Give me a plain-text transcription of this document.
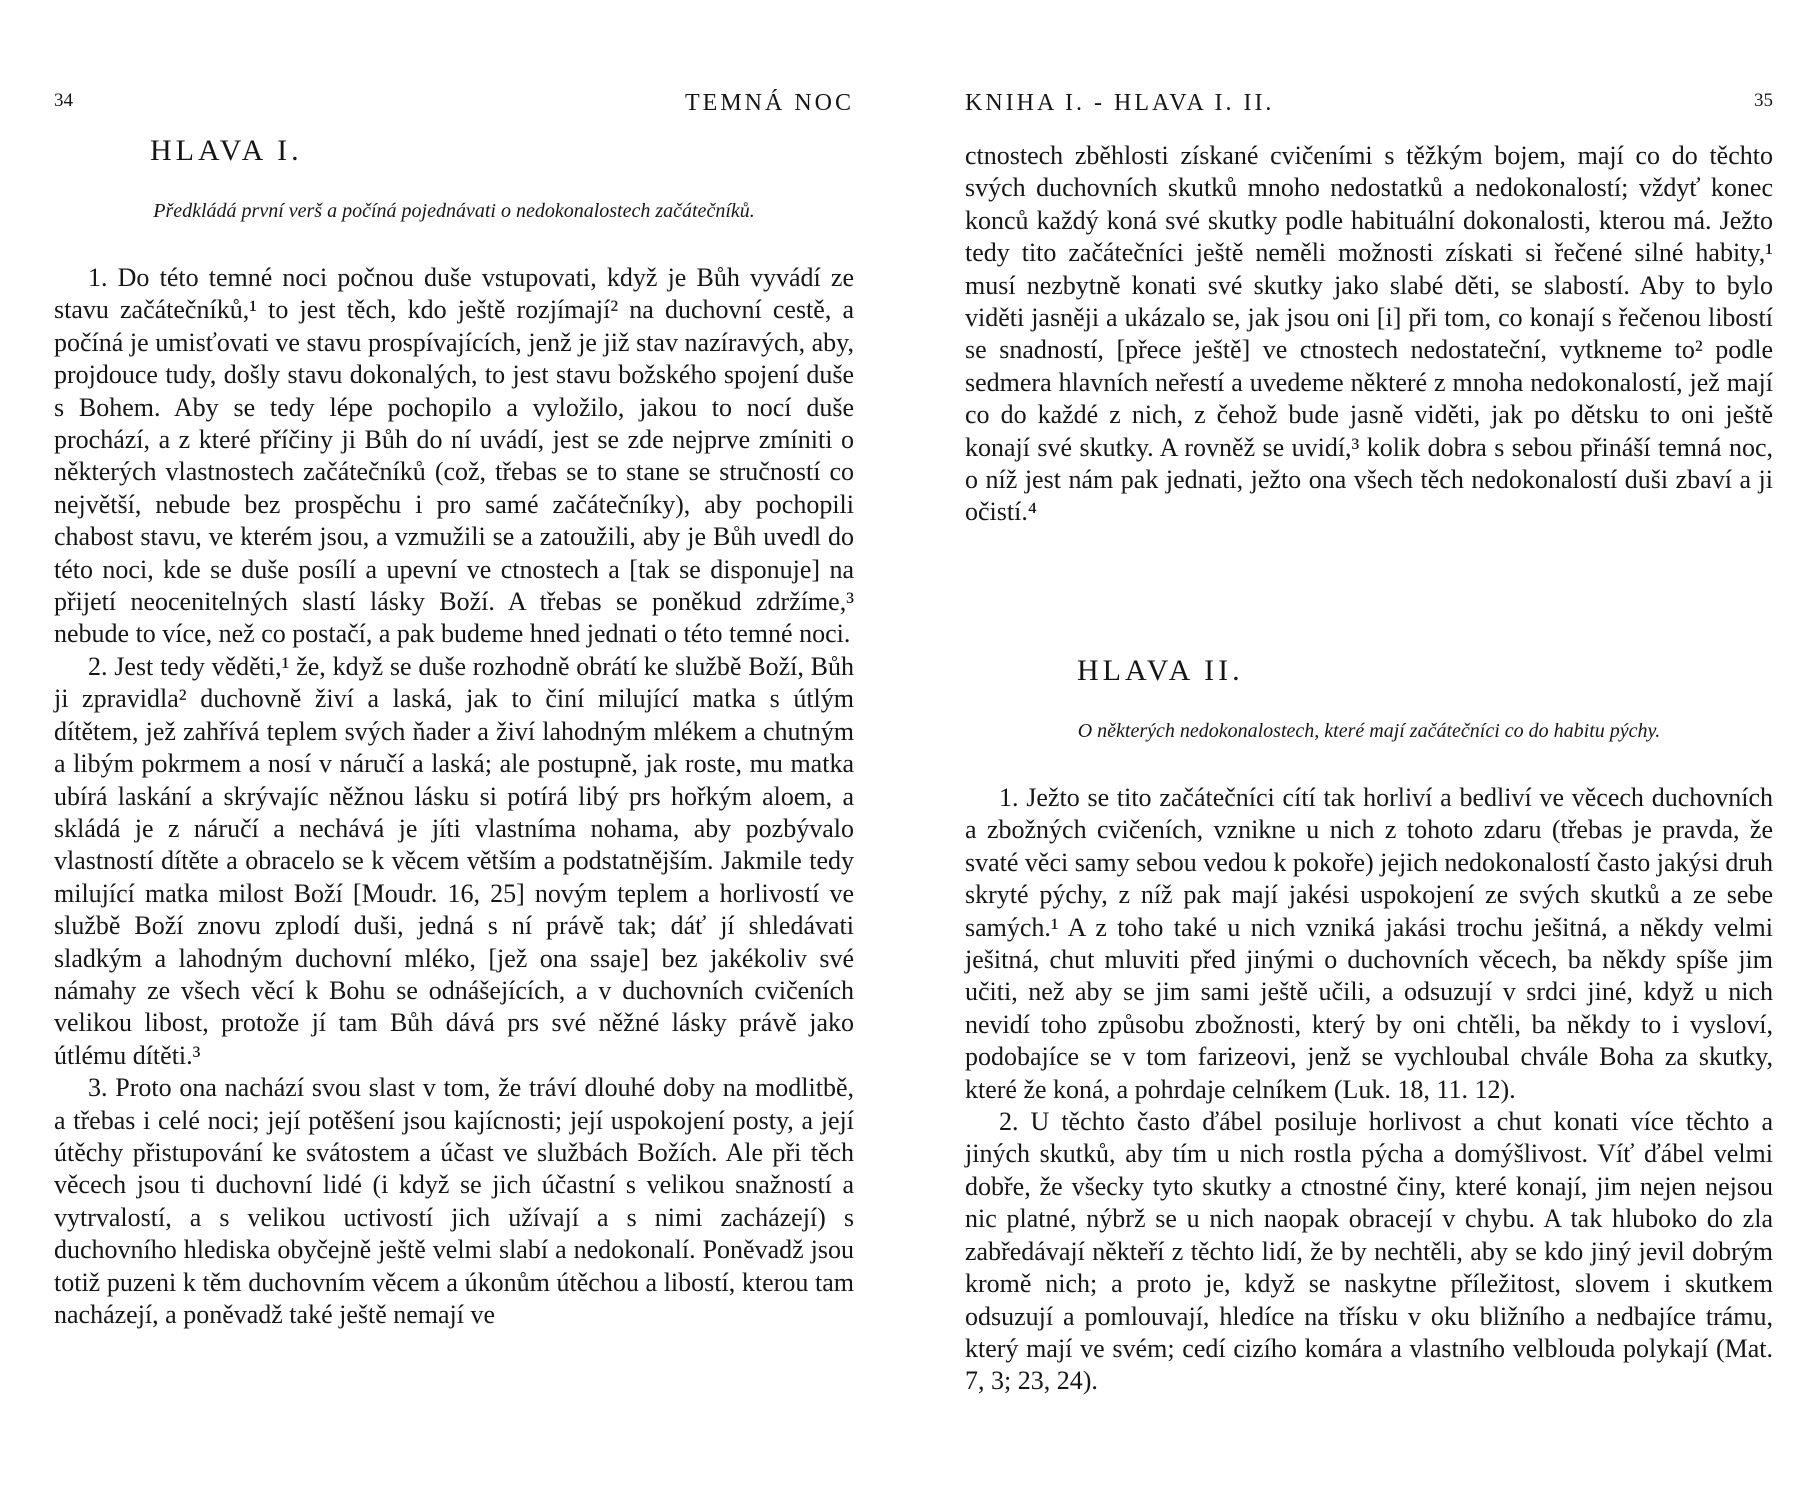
34	TEMNÁ NOC
HLAVA I.

Předkládá první verš a počíná pojednávati o nedokonalostech začátečníků.

1. Do této temné noci počnou duše vstupovati, když je Bůh vyvádí ze stavu začátečníků,¹ to jest těch, kdo ještě rozjímají² na duchovní cestě, a počíná je umisťovati ve stavu prospívajících, jenž je již stav nazíravých, aby, projdouce tudy, došly stavu dokonalých, to jest stavu božského spojení duše s Bohem. Aby se tedy lépe pochopilo a vyložilo, jakou to nocí duše prochází, a z které příčiny ji Bůh do ní uvádí, jest se zde nejprve zmíniti o některých vlastnostech začátečníků (což, třebas se to stane se stručností co největší, nebude bez prospěchu i pro samé začátečníky), aby pochopili chabost stavu, ve kterém jsou, a vzmužili se a zatoužili, aby je Bůh uvedl do této noci, kde se duše posílí a upevní ve ctnostech a [tak se disponuje] na přijetí neocenitelných slastí lásky Boží. A třebas se poněkud zdržíme,³ nebude to více, než co postačí, a pak budeme hned jednati o této temné noci.

2. Jest tedy věděti,¹ že, když se duše rozhodně obrátí ke službě Boží, Bůh ji zpravidla² duchovně živí a laská, jak to činí milující matka s útlým dítětem, jež zahřívá teplem svých ňader a živí lahodným mlékem a chutným a libým pokrmem a nosí v náručí a laská; ale postupně, jak roste, mu matka ubírá laskání a skrývajíc něžnou lásku si potírá libý prs hořkým aloem, a skládá je z náručí a nechává je jíti vlastníma nohama, aby pozbývalo vlastností dítěte a obracelo se k věcem větším a podstatnějším. Jakmile tedy milující matka milost Boží [Moudr. 16, 25] novým teplem a horlivostí ve službě Boží znovu zplodí duši, jedná s ní právě tak; dáť jí shledávati sladkým a lahodným duchovní mléko, [jež ona ssaje] bez jakékoliv své námahy ze všech věcí k Bohu se odnášejících, a v duchovních cvičeních velikou libost, protože jí tam Bůh dává prs své něžné lásky právě jako útlému dítěti.³

3. Proto ona nachází svou slast v tom, že tráví dlouhé doby na modlitbě, a třebas i celé noci; její potěšení jsou kajícnosti; její uspokojení posty, a její útěchy přistupování ke svátostem a účast ve službách Božích. Ale při těch věcech jsou ti duchovní lidé (i když se jich účastní s velikou snažností a vytrvalostí, a s velikou uctivostí jich užívají a s nimi zacházejí) s duchovního hlediska obyčejně ještě velmi slabí a nedokonalí. Poněvadž jsou totiž puzeni k těm duchovním věcem a úkonům útěchou a libostí, kterou tam nacházejí, a poněvadž také ještě nemají ve

KNIHA I. - HLAVA I. II.	35

ctnostech zběhlosti získané cvičeními s těžkým bojem, mají co do těchto svých duchovních skutků mnoho nedostatků a nedokonalostí; vždyť konec konců každý koná své skutky podle habituální dokonalosti, kterou má. Ježto tedy tito začátečníci ještě neměli možnosti získati si řečené silné habity,¹ musí nezbytně konati své skutky jako slabé děti, se slabostí. Aby to bylo viděti jasněji a ukázalo se, jak jsou oni [i] při tom, co konají s řečenou libostí se snadností, [přece ještě] ve ctnostech nedostateční, vytkneme to² podle sedmera hlavních neřestí a uvedeme některé z mnoha nedokonalostí, jež mají co do každé z nich, z čehož bude jasně viděti, jak po dětsku to oni ještě konají své skutky. A rovněž se uvidí,³ kolik dobra s sebou přináší temná noc, o níž jest nám pak jednati, ježto ona všech těch nedokonalostí duši zbaví a ji očistí.⁴

HLAVA II.

O některých nedokonalostech, které mají začátečníci co do habitu pýchy.

1. Ježto se tito začátečníci cítí tak horliví a bedliví ve věcech duchovních a zbožných cvičeních, vznikne u nich z tohoto zdaru (třebas je pravda, že svaté věci samy sebou vedou k pokoře) jejich nedokonalostí často jakýsi druh skryté pýchy, z níž pak mají jakési uspokojení ze svých skutků a ze sebe samých.¹ A z toho také u nich vzniká jakási trochu ješitná, a někdy velmi ješitná, chut mluviti před jinými o duchovních věcech, ba někdy spíše jim učiti, než aby se jim sami ještě učili, a odsuzují v srdci jiné, když u nich nevidí toho způsobu zbožnosti, který by oni chtěli, ba někdy to i vysloví, podobajíce se v tom farizeovi, jenž se vychloubal chvále Boha za skutky, které že koná, a pohrdaje celníkem (Luk. 18, 11. 12).

2. U těchto často ďábel posiluje horlivost a chut konati více těchto a jiných skutků, aby tím u nich rostla pýcha a domýšlivost. Víť ďábel velmi dobře, že všecky tyto skutky a ctnostné činy, které konají, jim nejen nejsou nic platné, nýbrž se u nich naopak obracejí v chybu. A tak hluboko do zla zabředávají někteří z těchto lidí, že by nechtěli, aby se kdo jiný jevil dobrým kromě nich; a proto je, když se naskytne příležitost, slovem i skutkem odsuzují a pomlouvají, hledíce na třísku v oku bližního a nedbajíce trámu, který mají ve svém; cedí cizího komára a vlastního velblouda polykají (Mat. 7, 3; 23, 24).
